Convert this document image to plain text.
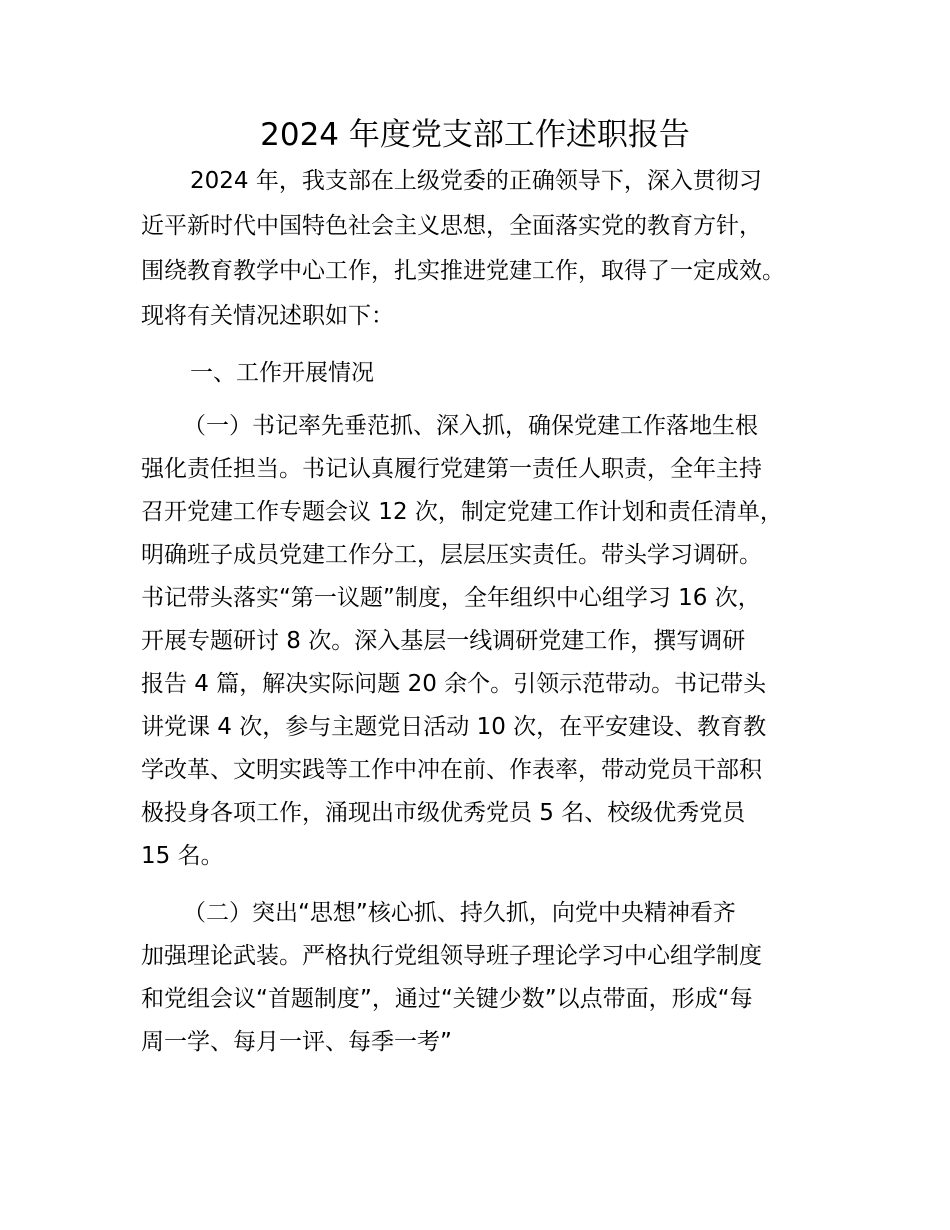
2024 年度党支部工作述职报告
2024 年，我支部在上级党委的正确领导下，深入贯彻习
近平新时代中国特色社会主义思想，全面落实党的教育方针，
围绕教育教学中心工作，扎实推进党建工作，取得了一定成效。
现将有关情况述职如下：
一、工作开展情况
（一）书记率先垂范抓、深入抓，确保党建工作落地生根
强化责任担当。书记认真履行党建第一责任人职责，全年主持
召开党建工作专题会议 12 次，制定党建工作计划和责任清单，
明确班子成员党建工作分工，层层压实责任。带头学习调研。
书记带头落实“第一议题”制度，全年组织中心组学习 16 次，
开展专题研讨 8 次。深入基层一线调研党建工作，撰写调研
报告 4 篇，解决实际问题 20 余个。引领示范带动。书记带头
讲党课 4 次，参与主题党日活动 10 次，在平安建设、教育教
学改革、文明实践等工作中冲在前、作表率，带动党员干部积
极投身各项工作，涌现出市级优秀党员 5 名、校级优秀党员
15 名。
（二）突出“思想”核心抓、持久抓，向党中央精神看齐
加强理论武装。严格执行党组领导班子理论学习中心组学制度
和党组会议“首题制度”，通过“关键少数”以点带面，形成“每
周一学、每月一评、每季一考”
